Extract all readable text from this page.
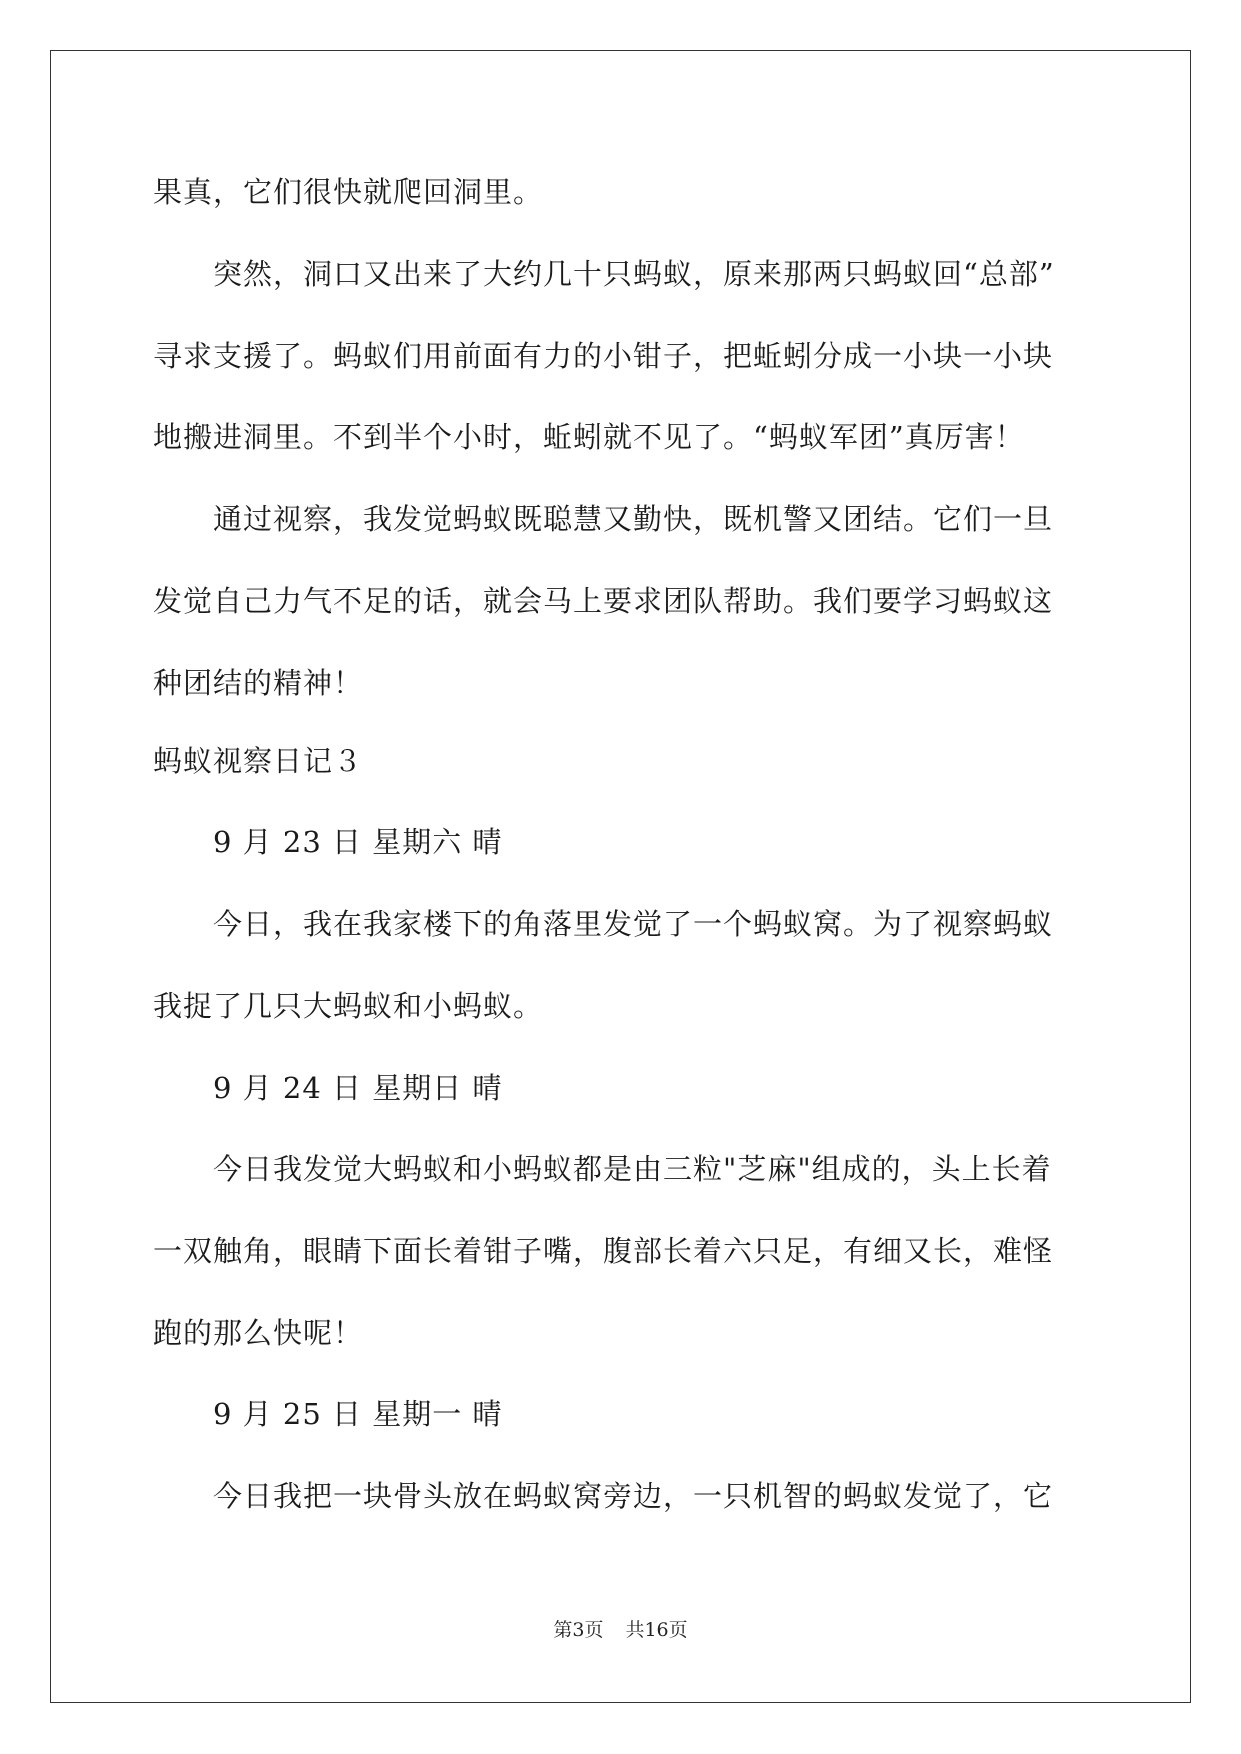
果真，它们很快就爬回洞里。
突然，洞口又出来了大约几十只蚂蚁，原来那两只蚂蚁回“总部”
寻求支援了。蚂蚁们用前面有力的小钳子，把蚯蚓分成一小块一小块
地搬进洞里。不到半个小时，蚯蚓就不见了。“蚂蚁军团”真厉害！
通过视察，我发觉蚂蚁既聪慧又勤快，既机警又团结。它们一旦
发觉自己力气不足的话，就会马上要求团队帮助。我们要学习蚂蚁这
种团结的精神！
蚂蚁视察日记３
9 月 23 日 星期六 晴
今日，我在我家楼下的角落里发觉了一个蚂蚁窝。为了视察蚂蚁
我捉了几只大蚂蚁和小蚂蚁。
9 月 24 日 星期日 晴
今日我发觉大蚂蚁和小蚂蚁都是由三粒"芝麻"组成的，头上长着
一双触角，眼睛下面长着钳子嘴，腹部长着六只足，有细又长，难怪
跑的那么快呢！
9 月 25 日 星期一 晴
今日我把一块骨头放在蚂蚁窝旁边，一只机智的蚂蚁发觉了，它
第3页 共16页
